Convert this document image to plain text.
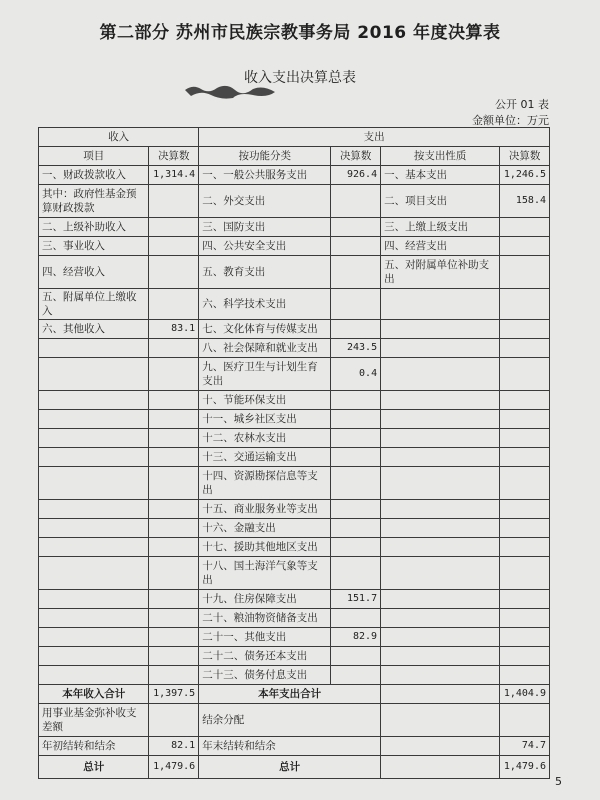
第二部分 苏州市民族宗教事务局 2016 年度决算表
收入支出决算总表
公开 01 表
金额单位：万元
收入		支出			
项目	决算数	按功能分类	决算数	按支出性质	决算数
一、财政拨款收入	1,314.4	一、一般公共服务支出	926.4	一、基本支出	1,246.5
其中：政府性基金预算财政拨款		二、外交支出		二、项目支出	158.4
二、上级补助收入		三、国防支出		三、上缴上级支出	
三、事业收入		四、公共安全支出		四、经营支出	
四、经营收入		五、教育支出		五、对附属单位补助支出	
五、附属单位上缴收入		六、科学技术支出			
六、其他收入	83.1	七、文化体育与传媒支出			
		八、社会保障和就业支出	243.5		
		九、医疗卫生与计划生育支出	0.4		
		十、节能环保支出			
		十一、城乡社区支出			
		十二、农林水支出			
		十三、交通运输支出			
		十四、资源勘探信息等支出			
		十五、商业服务业等支出			
		十六、金融支出			
		十七、援助其他地区支出			
		十八、国土海洋气象等支出			
		十九、住房保障支出	151.7		
		二十、粮油物资储备支出			
		二十一、其他支出	82.9		
		二十二、债务还本支出			
		二十三、债务付息支出			
本年收入合计	1,397.5	本年支出合计			1,404.9
用事业基金弥补收支差额		结余分配			
年初结转和结余	82.1	年末结转和结余			74.7
总计	1,479.6	总计			1,479.6
5
